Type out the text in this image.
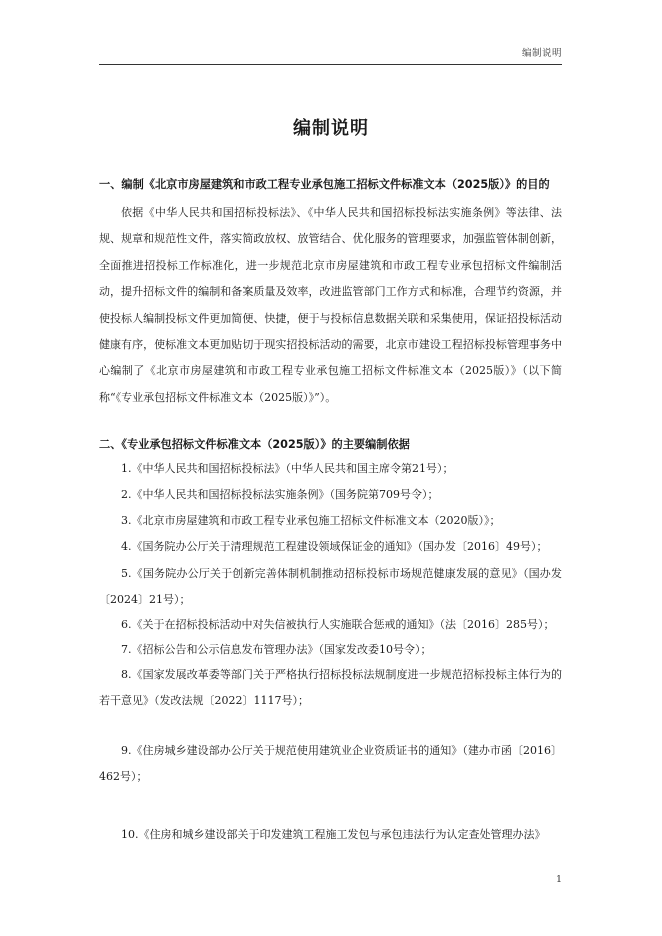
编制说明
编制说明
一、编制《北京市房屋建筑和市政工程专业承包施工招标文件标准文本（2025版）》的目的
依据《中华人民共和国招标投标法》、《中华人民共和国招标投标法实施条例》等法律、法规、规章和规范性文件，落实简政放权、放管结合、优化服务的管理要求，加强监管体制创新，全面推进招投标工作标准化，进一步规范北京市房屋建筑和市政工程专业承包招标文件编制活动，提升招标文件的编制和备案质量及效率，改进监管部门工作方式和标准，合理节约资源，并使投标人编制投标文件更加简便、快捷，便于与投标信息数据关联和采集使用，保证招投标活动健康有序，使标准文本更加贴切于现实招投标活动的需要，北京市建设工程招标投标管理事务中心编制了《北京市房屋建筑和市政工程专业承包施工招标文件标准文本（2025版）》（以下简称“《专业承包招标文件标准文本（2025版）》”）。
二、《专业承包招标文件标准文本（2025版）》的主要编制依据
1.《中华人民共和国招标投标法》（中华人民共和国主席令第21号）；
2.《中华人民共和国招标投标法实施条例》（国务院第709号令）；
3.《北京市房屋建筑和市政工程专业承包施工招标文件标准文本（2020版）》；
4.《国务院办公厅关于清理规范工程建设领域保证金的通知》（国办发〔2016〕49号）；
5.《国务院办公厅关于创新完善体制机制推动招标投标市场规范健康发展的意见》（国办发〔2024〕21号）；
6.《关于在招标投标活动中对失信被执行人实施联合惩戒的通知》（法〔2016〕285号）；
7.《招标公告和公示信息发布管理办法》（国家发改委10号令）；
8.《国家发展改革委等部门关于严格执行招标投标法规制度进一步规范招标投标主体行为的若干意见》（发改法规〔2022〕1117号）；
9.《住房城乡建设部办公厅关于规范使用建筑业企业资质证书的通知》（建办市函〔2016〕462号）；
10.《住房和城乡建设部关于印发建筑工程施工发包与承包违法行为认定查处管理办法》
1
